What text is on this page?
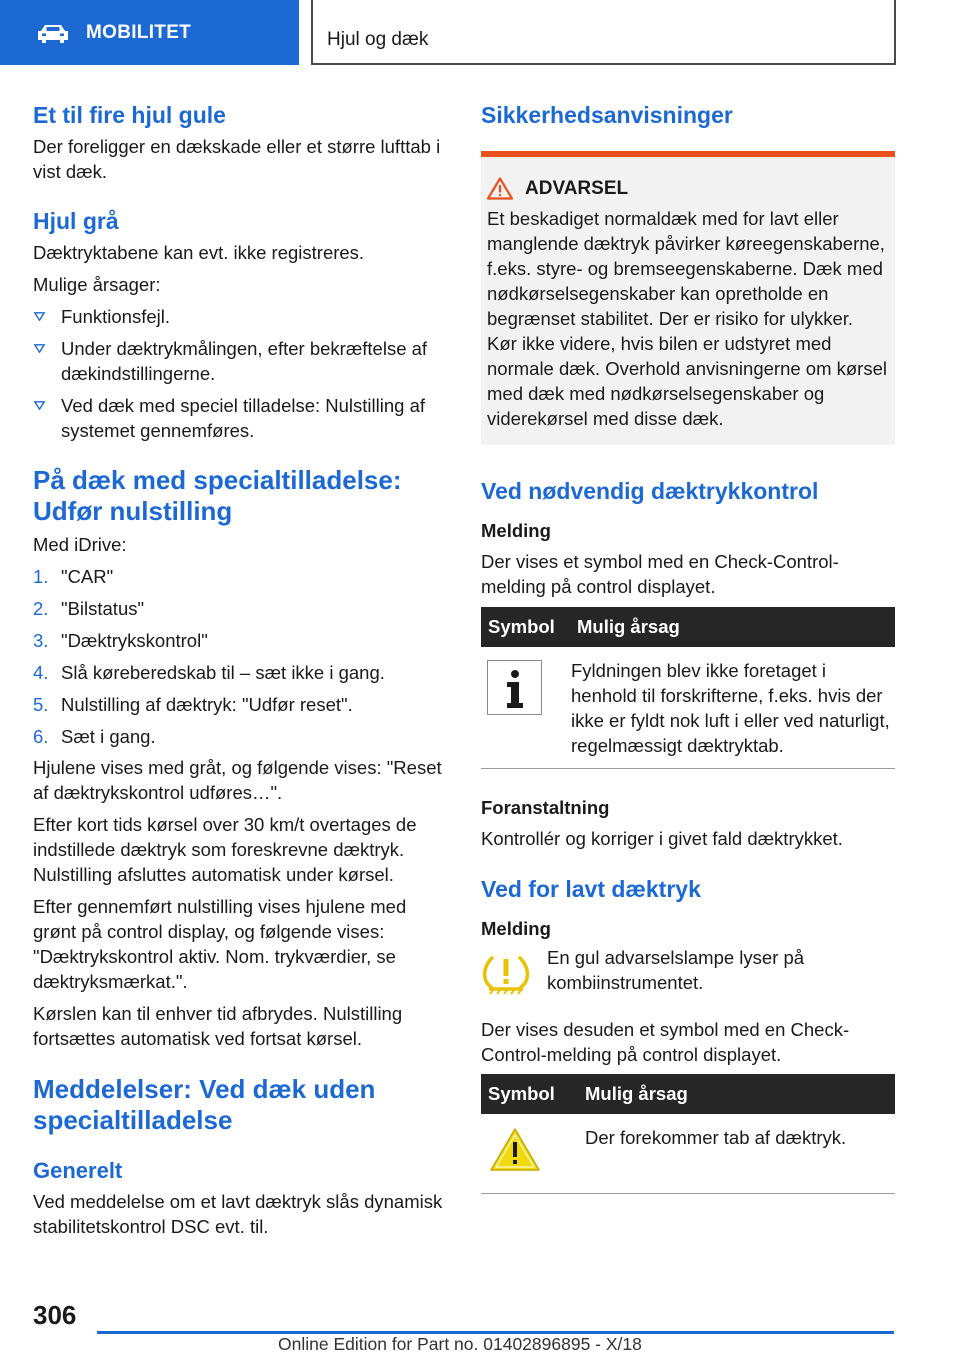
MOBILITET	Hjul og dæk
Et til fire hjul gule

Der foreligger en dækskade eller et større lufttab i vist dæk.

Hjul grå

Dæktryktabene kan evt. ikke registreres.

Mulige årsager:

Funktionsfejl.
Under dæktrykmålingen, efter bekræftelse af dækindstillingerne.
Ved dæk med speciel tilladelse: Nulstilling af systemet gennemføres.
På dæk med specialtilladelse: Udfør nulstilling

Med iDrive:

1. "CAR"
2. "Bilstatus"
3. "Dæktrykskontrol"
4. Slå køreberedskab til – sæt ikke i gang.
5. Nulstilling af dæktryk: "Udfør reset".
6. Sæt i gang.

Hjulene vises med gråt, og følgende vises: "Reset af dæktrykskontrol udføres…".

Efter kort tids kørsel over 30 km/t overtages de indstillede dæktryk som foreskrevne dæktryk. Nulstilling afsluttes automatisk under kørsel.

Efter gennemført nulstilling vises hjulene med grønt på control display, og følgende vises: "Dæktrykskontrol aktiv. Nom. trykværdier, se dæktryksmærkat.".

Kørslen kan til enhver tid afbrydes. Nulstilling fortsættes automatisk ved fortsat kørsel.

Meddelelser: Ved dæk uden specialtilladelse
Generelt

Ved meddelelse om et lavt dæktryk slås dynamisk stabilitetskontrol DSC evt. til.

Sikkerhedsanvisninger
ADVARSEL

Et beskadiget normaldæk med for lavt eller manglende dæktryk påvirker køreegenskaberne, f.eks. styre- og bremseegenskaberne. Dæk med nødkørselsegenskaber kan opretholde en begrænset stabilitet. Der er risiko for ulykker. Kør ikke videre, hvis bilen er udstyret med normale dæk. Overhold anvisningerne om kørsel med dæk med nødkørselsegenskaber og viderekørsel med disse dæk.

Ved nødvendig dæktrykkontrol

Melding

Der vises et symbol med en Check-Control-melding på control displayet.

Symbol	Mulig årsag
	Fyldningen blev ikke foretaget i henhold til forskrifterne, f.eks. hvis der ikke er fyldt nok luft i eller ved naturligt, regelmæssigt dæktryktab.

Foranstaltning

Kontrollér og korriger i givet fald dæktrykket.

Ved for lavt dæktryk

Melding

En gul advarselslampe lyser på kombiinstrumentet.

Der vises desuden et symbol med en Check-Control-melding på control displayet.

Symbol	Mulig årsag
	Der forekommer tab af dæktryk.
306
Online Edition for Part no. 01402896895 - X/18
